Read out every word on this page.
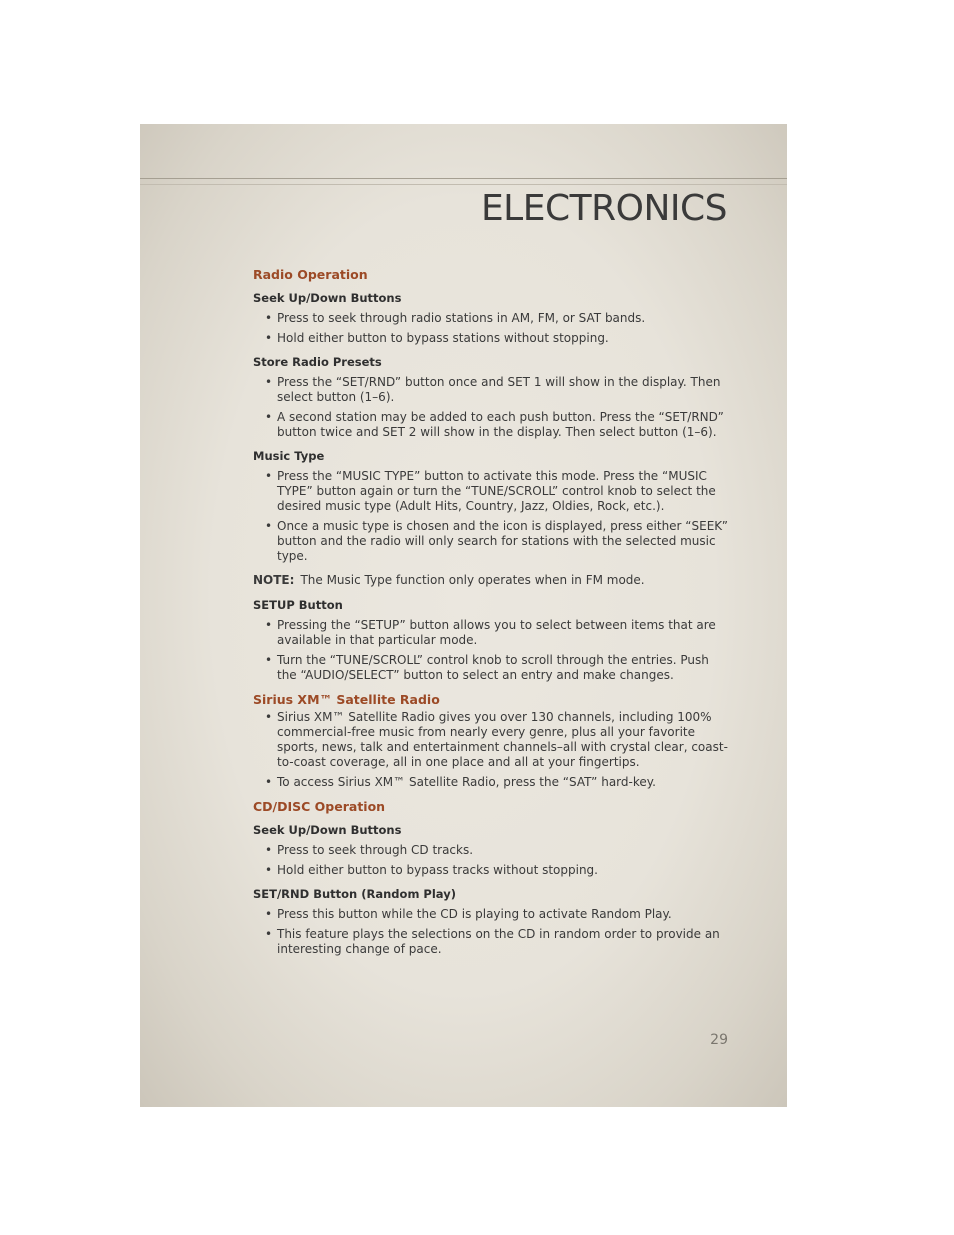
ELECTRONICS
Radio Operation
Seek Up/Down Buttons
• Press to seek through radio stations in AM, FM, or SAT bands.
• Hold either button to bypass stations without stopping.
Store Radio Presets
• Press the “SET/RND” button once and SET 1 will show in the display. Then select button (1–6).
• A second station may be added to each push button. Press the “SET/RND” button twice and SET 2 will show in the display. Then select button (1–6).
Music Type
• Press the “MUSIC TYPE” button to activate this mode. Press the “MUSIC TYPE” button again or turn the “TUNE/SCROLL” control knob to select the desired music type (Adult Hits, Country, Jazz, Oldies, Rock, etc.).
• Once a music type is chosen and the icon is displayed, press either “SEEK” button and the radio will only search for stations with the selected music type.
NOTE: The Music Type function only operates when in FM mode.
SETUP Button
• Pressing the “SETUP” button allows you to select between items that are available in that particular mode.
• Turn the “TUNE/SCROLL” control knob to scroll through the entries. Push the “AUDIO/SELECT” button to select an entry and make changes.
Sirius XM™ Satellite Radio
• Sirius XM™ Satellite Radio gives you over 130 channels, including 100% commercial-free music from nearly every genre, plus all your favorite sports, news, talk and entertainment channels–all with crystal clear, coast-to-coast coverage, all in one place and all at your fingertips.
• To access Sirius XM™ Satellite Radio, press the “SAT” hard-key.
CD/DISC Operation
Seek Up/Down Buttons
• Press to seek through CD tracks.
• Hold either button to bypass tracks without stopping.
SET/RND Button (Random Play)
• Press this button while the CD is playing to activate Random Play.
• This feature plays the selections on the CD in random order to provide an interesting change of pace.
29
